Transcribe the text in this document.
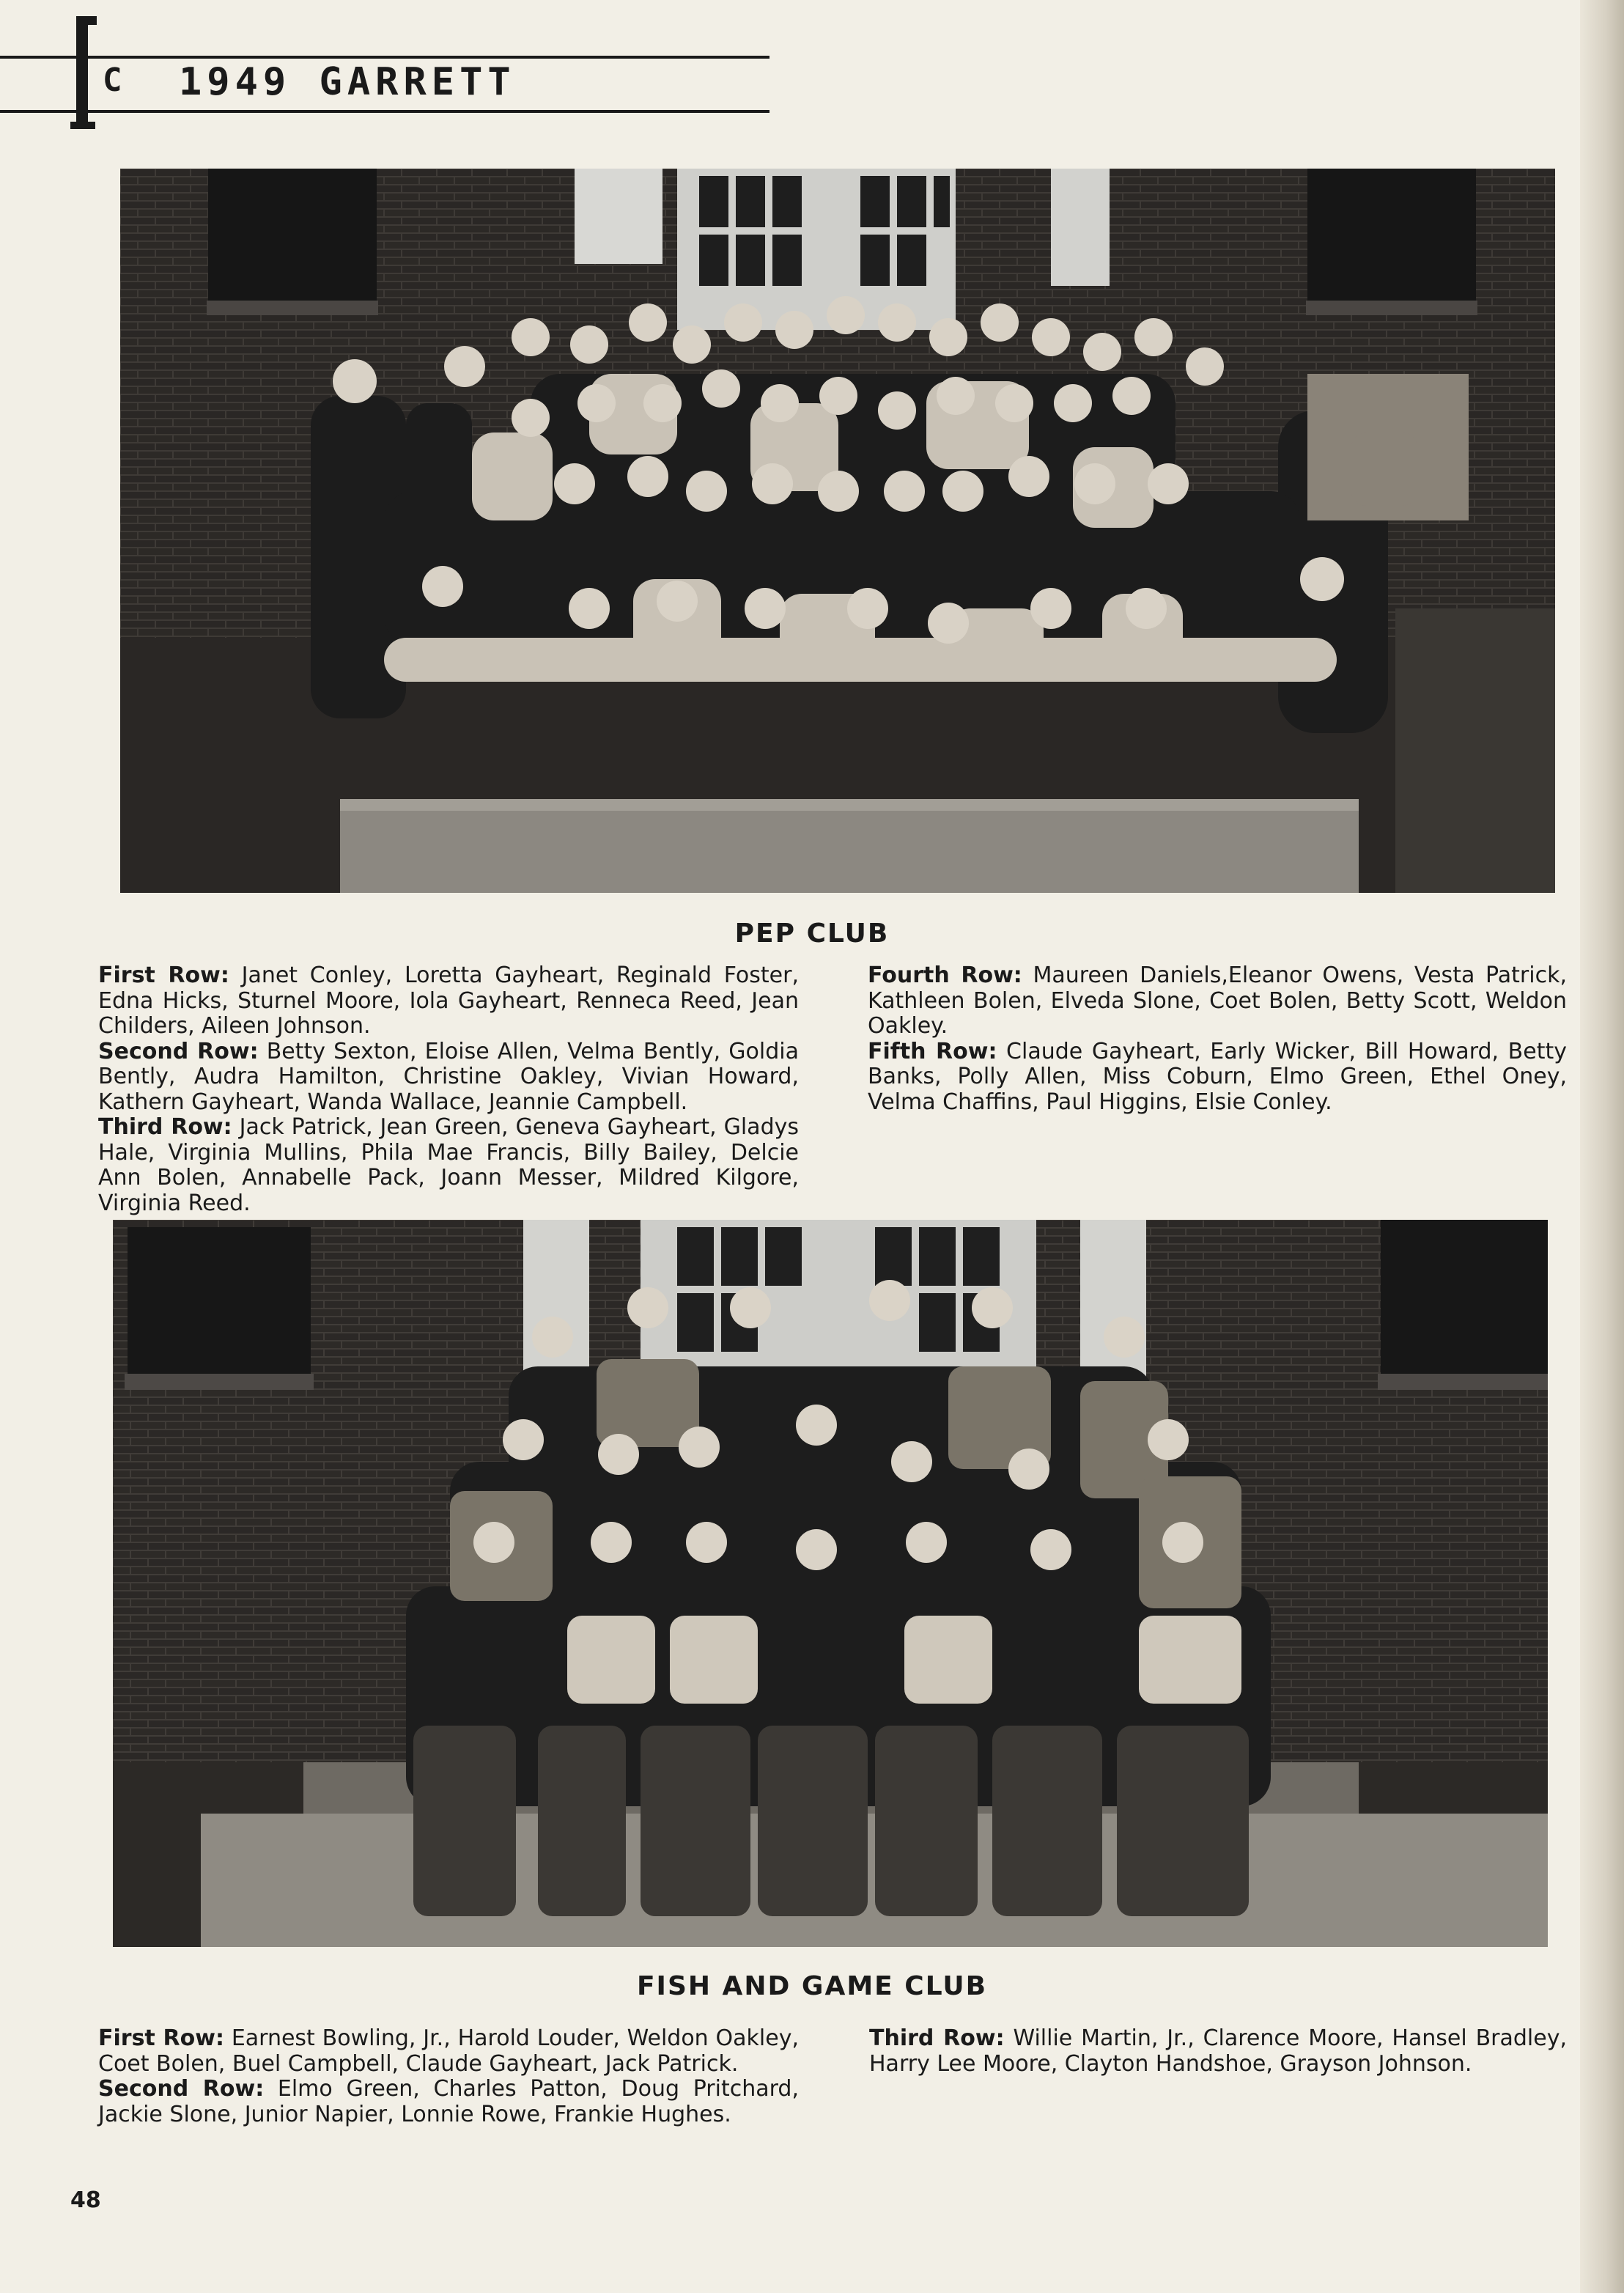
C 1949 GARRETT
PEP CLUB

First Row: Janet Conley, Loretta Gayheart, Reginald Foster, Edna Hicks, Sturnel Moore, Iola Gayheart, Renneca Reed, Jean Childers, Aileen Johnson.

Second Row: Betty Sexton, Eloise Allen, Velma Bently, Goldia Bently, Audra Hamilton, Christine Oakley, Vivian Howard, Kathern Gayheart, Wanda Wallace, Jeannie Campbell.

Third Row: Jack Patrick, Jean Green, Geneva Gayheart, Gladys Hale, Virginia Mullins, Phila Mae Francis, Billy Bailey, Delcie Ann Bolen, Annabelle Pack, Joann Messer, Mildred Kilgore, Virginia Reed.

Fourth Row: Maureen Daniels,Eleanor Owens, Vesta Patrick, Kathleen Bolen, Elveda Slone, Coet Bolen, Betty Scott, Weldon Oakley.

Fifth Row: Claude Gayheart, Early Wicker, Bill Howard, Betty Banks, Polly Allen, Miss Coburn, Elmo Green, Ethel Oney, Velma Chaffins, Paul Higgins, Elsie Conley.

FISH AND GAME CLUB

First Row: Earnest Bowling, Jr., Harold Louder, Weldon Oakley, Coet Bolen, Buel Campbell, Claude Gayheart, Jack Patrick.

Second Row: Elmo Green, Charles Patton, Doug Pritchard, Jackie Slone, Junior Napier, Lonnie Rowe, Frankie Hughes.

Third Row: Willie Martin, Jr., Clarence Moore, Hansel Bradley, Harry Lee Moore, Clayton Handshoe, Grayson Johnson.

48
